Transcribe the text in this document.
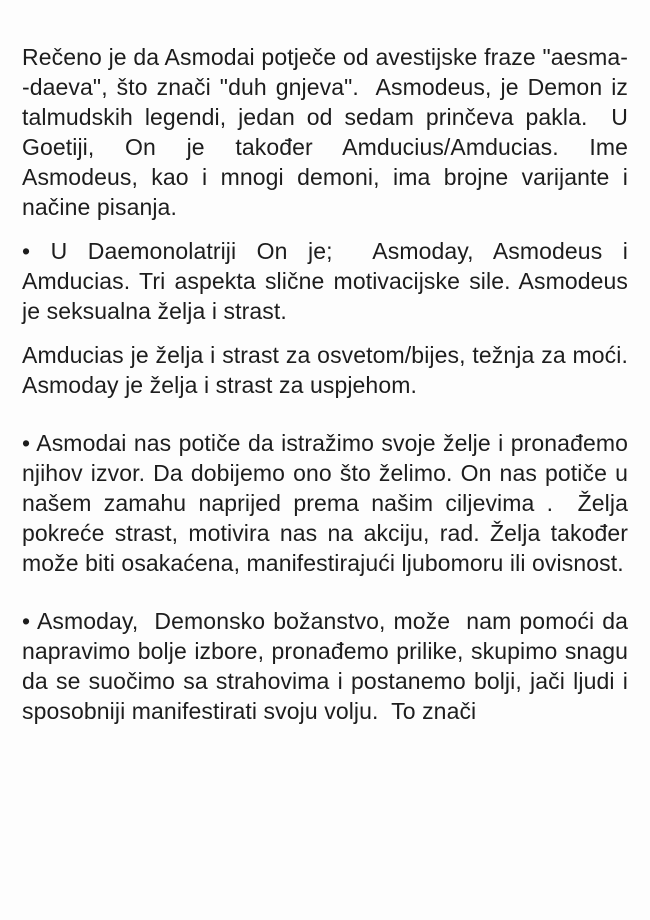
Rečeno je da Asmodai potječe od avestijske fraze "aesma--daeva", što znači "duh gnjeva".  Asmodeus, je Demon iz talmudskih legendi, jedan od sedam prinčeva pakla.  U Goetiji, On je također Amducius/Amducias. Ime Asmodeus, kao i mnogi demoni, ima brojne varijante i načine pisanja.

• U Daemonolatriji On je;  Asmoday, Asmodeus i Amducias. Tri aspekta slične motivacijske sile. Asmodeus je seksualna želja i strast.

Amducias je želja i strast za osvetom/bijes, težnja za moći. Asmoday je želja i strast za uspjehom.

• Asmodai nas potiče da istražimo svoje želje i pronađemo njihov izvor. Da dobijemo ono što želimo. On nas potiče u našem zamahu naprijed prema našim ciljevima .  Želja pokreće strast, motivira nas na akciju, rad. Želja također može biti osakaćena, manifestirajući ljubomoru ili ovisnost.

• Asmoday,  Demonsko božanstvo, može  nam pomoći da napravimo bolje izbore, pronađemo prilike, skupimo snagu da se suočimo sa strahovima i postanemo bolji, jači ljudi i sposobniji manifestirati svoju volju.  To znači
